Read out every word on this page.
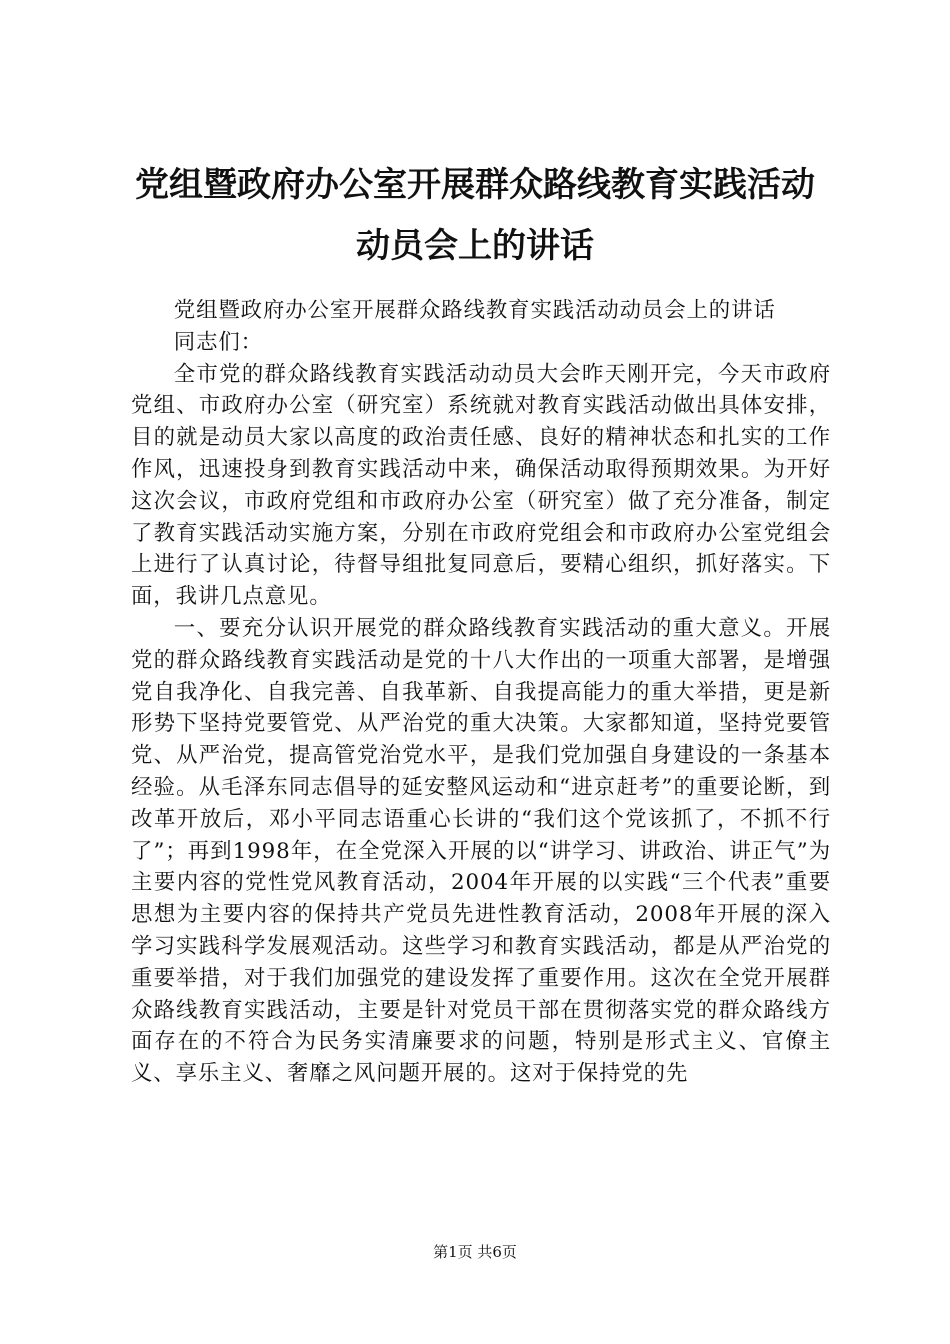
党组暨政府办公室开展群众路线教育实践活动
动员会上的讲话

党组暨政府办公室开展群众路线教育实践活动动员会上的讲话

同志们：

全市党的群众路线教育实践活动动员大会昨天刚开完，今天市政府党组、市政府办公室（研究室）系统就对教育实践活动做出具体安排，目的就是动员大家以高度的政治责任感、良好的精神状态和扎实的工作作风，迅速投身到教育实践活动中来，确保活动取得预期效果。为开好这次会议，市政府党组和市政府办公室（研究室）做了充分准备，制定了教育实践活动实施方案，分别在市政府党组会和市政府办公室党组会上进行了认真讨论，待督导组批复同意后，要精心组织，抓好落实。下面，我讲几点意见。

一、要充分认识开展党的群众路线教育实践活动的重大意义。开展党的群众路线教育实践活动是党的十八大作出的一项重大部署，是增强党自我净化、自我完善、自我革新、自我提高能力的重大举措，更是新形势下坚持党要管党、从严治党的重大决策。大家都知道，坚持党要管党、从严治党，提高管党治党水平，是我们党加强自身建设的一条基本经验。从毛泽东同志倡导的延安整风运动和“进京赶考”的重要论断，到改革开放后，邓小平同志语重心长讲的“我们这个党该抓了，不抓不行了”；再到1998年，在全党深入开展的以“讲学习、讲政治、讲正气”为主要内容的党性党风教育活动，2004年开展的以实践“三个代表”重要思想为主要内容的保持共产党员先进性教育活动，2008年开展的深入学习实践科学发展观活动。这些学习和教育实践活动，都是从严治党的重要举措，对于我们加强党的建设发挥了重要作用。这次在全党开展群众路线教育实践活动，主要是针对党员干部在贯彻落实党的群众路线方面存在的不符合为民务实清廉要求的问题，特别是形式主义、官僚主义、享乐主义、奢靡之风问题开展的。这对于保持党的先

第1页 共6页
